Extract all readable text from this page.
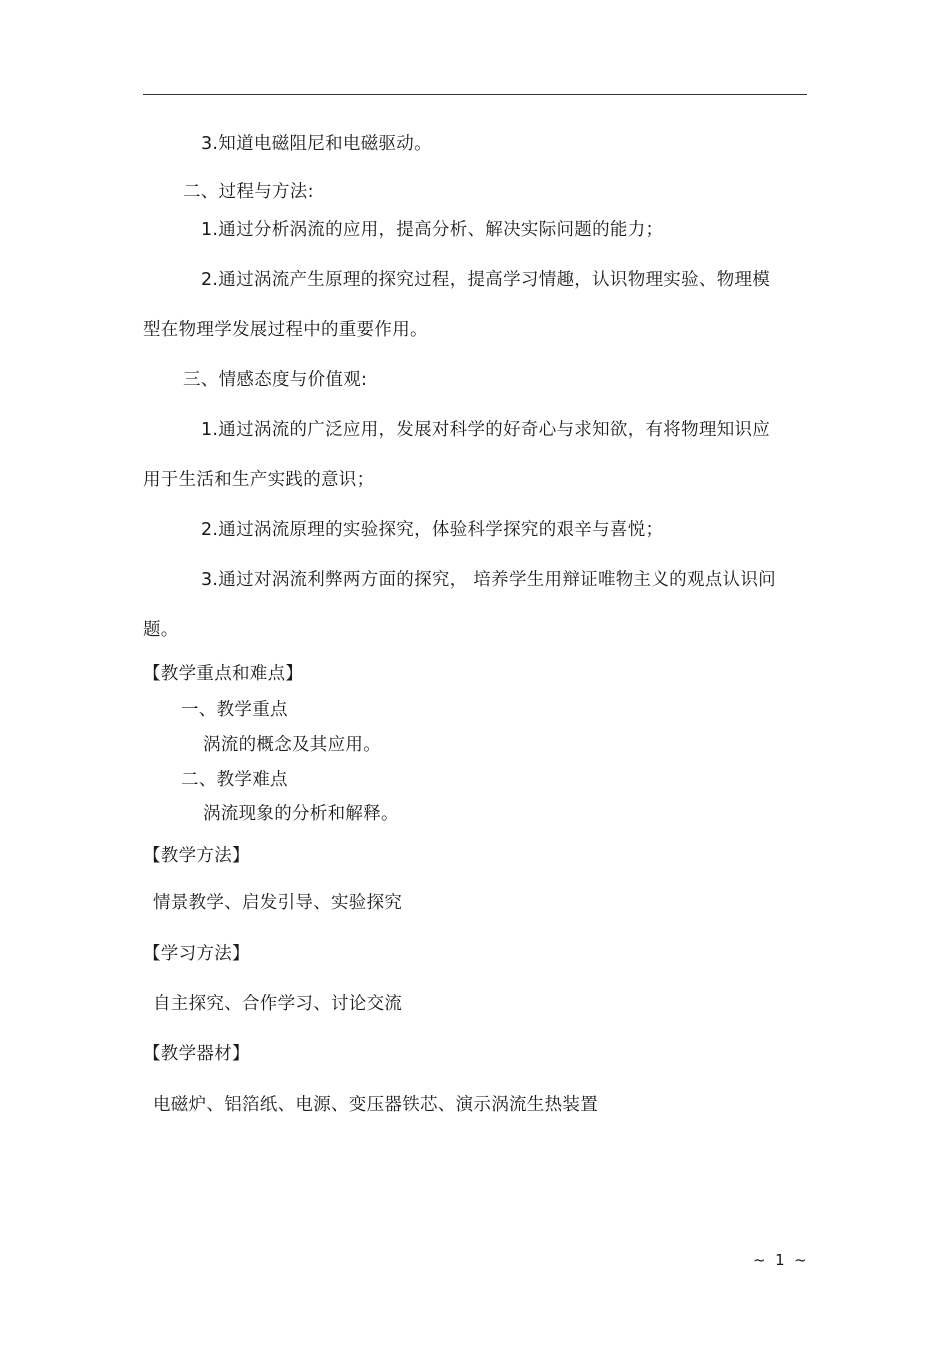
3.知道电磁阻尼和电磁驱动。
二、过程与方法:
1.通过分析涡流的应用，提高分析、解决实际问题的能力；
2.通过涡流产生原理的探究过程，提高学习情趣，认识物理实验、物理模
型在物理学发展过程中的重要作用。
三、情感态度与价值观:
1.通过涡流的广泛应用，发展对科学的好奇心与求知欲，有将物理知识应
用于生活和生产实践的意识；
2.通过涡流原理的实验探究，体验科学探究的艰辛与喜悦；
3.通过对涡流利弊两方面的探究， 培养学生用辩证唯物主义的观点认识问
题。
【教学重点和难点】
一、教学重点
涡流的概念及其应用。
二、教学难点
涡流现象的分析和解释。
【教学方法】
情景教学、启发引导、实验探究
【学习方法】
自主探究、合作学习、讨论交流
【教学器材】
电磁炉、铝箔纸、电源、变压器铁芯、演示涡流生热装置
~  1  ~
